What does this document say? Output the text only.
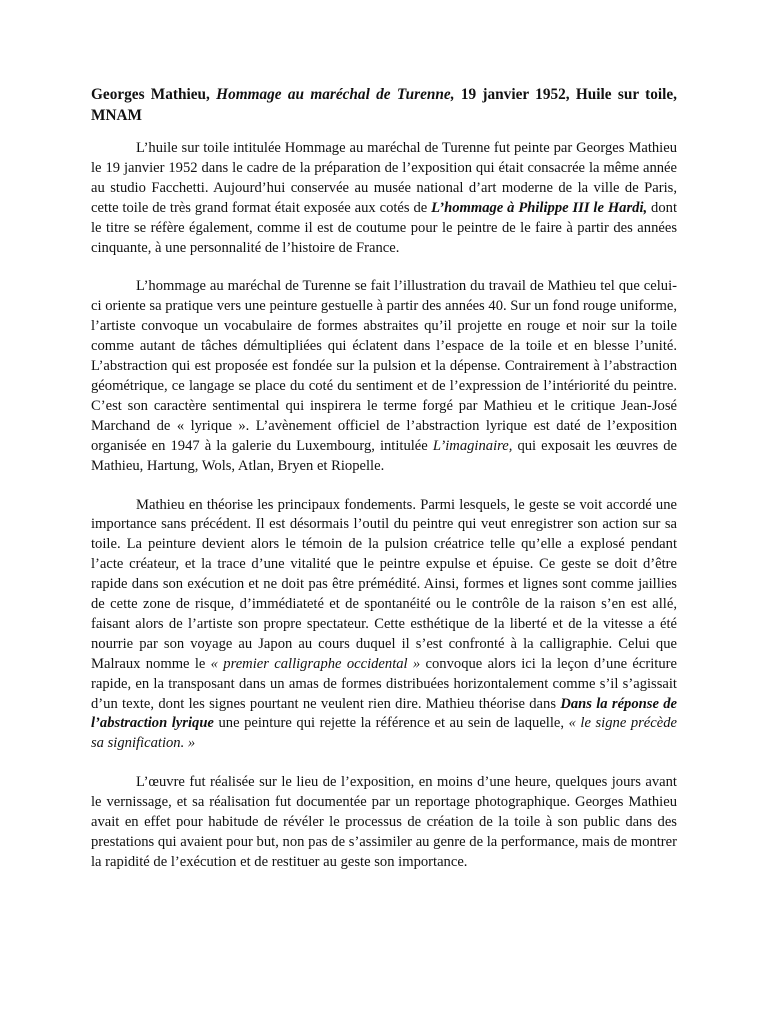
Georges Mathieu, Hommage au maréchal de Turenne, 19 janvier 1952, Huile sur toile, MNAM

L’huile sur toile intitulée Hommage au maréchal de Turenne fut peinte par Georges Mathieu le 19 janvier 1952 dans le cadre de la préparation de l’exposition qui était consacrée la même année au studio Facchetti. Aujourd’hui conservée au musée national d’art moderne de la ville de Paris, cette toile de très grand format était exposée aux cotés de L’hommage à Philippe III le Hardi, dont le titre se réfère également, comme il est de coutume pour le peintre de le faire à partir des années cinquante, à une personnalité de l’histoire de France.

L’hommage au maréchal de Turenne se fait l’illustration du travail de Mathieu tel que celui-ci oriente sa pratique vers une peinture gestuelle à partir des années 40. Sur un fond rouge uniforme, l’artiste convoque un vocabulaire de formes abstraites qu’il projette en rouge et noir sur la toile comme autant de tâches démultipliées qui éclatent dans l’espace de la toile et en blesse l’unité. L’abstraction qui est proposée est fondée sur la pulsion et la dépense. Contrairement à l’abstraction géométrique, ce langage se place du coté du sentiment et de l’expression de l’intériorité du peintre. C’est son caractère sentimental qui inspirera le terme forgé par Mathieu et le critique Jean-José Marchand de « lyrique ». L’avènement officiel de l’abstraction lyrique est daté de l’exposition organisée en 1947 à la galerie du Luxembourg, intitulée L’imaginaire, qui exposait les œuvres de Mathieu, Hartung, Wols, Atlan, Bryen et Riopelle.

Mathieu en théorise les principaux fondements. Parmi lesquels, le geste se voit accordé une importance sans précédent. Il est désormais l’outil du peintre qui veut enregistrer son action sur sa toile. La peinture devient alors le témoin de la pulsion créatrice telle qu’elle a explosé pendant l’acte créateur, et la trace d’une vitalité que le peintre expulse et épuise. Ce geste se doit d’être rapide dans son exécution et ne doit pas être prémédité. Ainsi, formes et lignes sont comme jaillies de cette zone de risque, d’immédiateté et de spontanéité ou le contrôle de la raison s’en est allé, faisant alors de l’artiste son propre spectateur. Cette esthétique de la liberté et de la vitesse a été nourrie par son voyage au Japon au cours duquel il s’est confronté à la calligraphie. Celui que Malraux nomme le « premier calligraphe occidental » convoque alors ici la leçon d’une écriture rapide, en la transposant dans un amas de formes distribuées horizontalement comme s’il s’agissait d’un texte, dont les signes pourtant ne veulent rien dire. Mathieu théorise dans Dans la réponse de l’abstraction lyrique une peinture qui rejette la référence et au sein de laquelle, « le signe précède sa signification. »

L’œuvre fut réalisée sur le lieu de l’exposition, en moins d’une heure, quelques jours avant le vernissage, et sa réalisation fut documentée par un reportage photographique. Georges Mathieu avait en effet pour habitude de révéler le processus de création de la toile à son public dans des prestations qui avaient pour but, non pas de s’assimiler au genre de la performance, mais de montrer la rapidité de l’exécution et de restituer au geste son importance.
